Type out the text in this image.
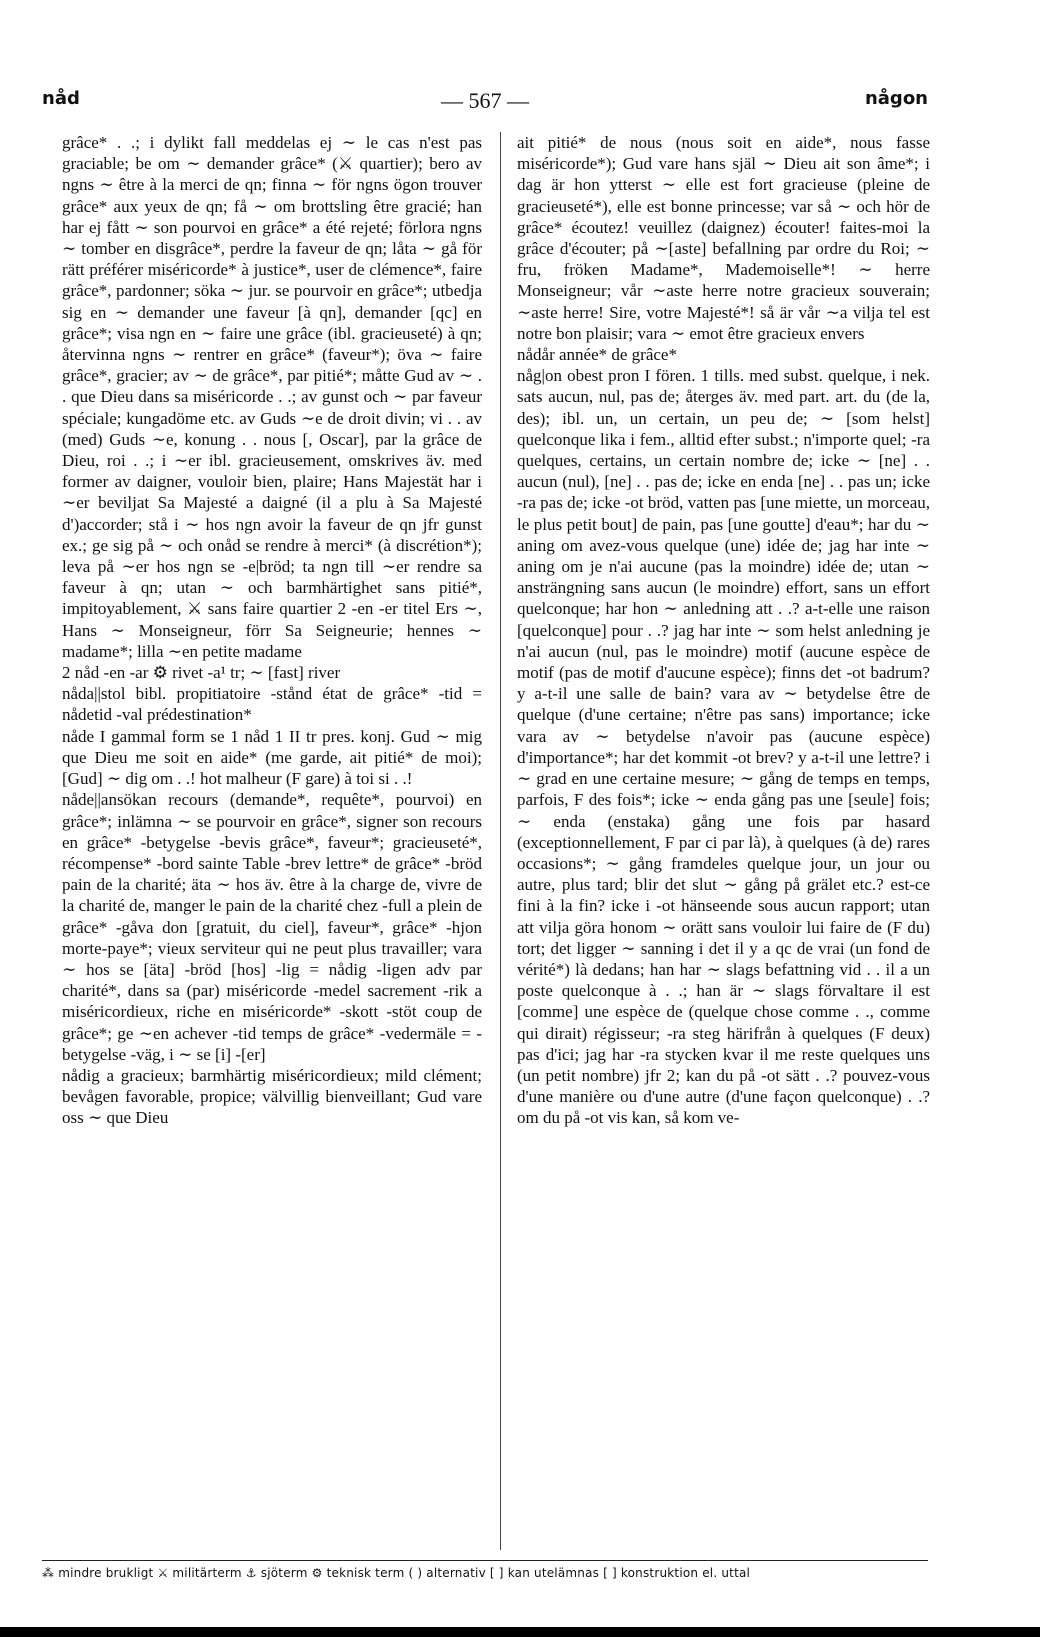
nåd	— 567 —	någon

grâce* . .; i dylikt fall meddelas ej ∼ le cas n'est pas graciable; be om ∼ demander grâce* (⚔ quartier); bero av ngns ∼ être à la merci de qn; finna ∼ för ngns ögon trouver grâce* aux yeux de qn; få ∼ om brottsling être gracié; han har ej fått ∼ son pourvoi en grâce* a été rejeté; förlora ngns ∼ tomber en disgrâce*, perdre la faveur de qn; låta ∼ gå för rätt préférer miséricorde* à justice*, user de clémence*, faire grâce*, pardonner; söka ∼ jur. se pourvoir en grâce*; utbedja sig en ∼ demander une faveur [à qn], demander [qc] en grâce*; visa ngn en ∼ faire une grâce (ibl. gracieuseté) à qn; återvinna ngns ∼ rentrer en grâce* (faveur*); öva ∼ faire grâce*, gracier; av ∼ de grâce*, par pitié*; måtte Gud av ∼ . . que Dieu dans sa miséricorde . .; av gunst och ∼ par faveur spéciale; kungadöme etc. av Guds ∼e de droit divin; vi . . av (med) Guds ∼e, konung . . nous [, Oscar], par la grâce de Dieu, roi . .; i ∼er ibl. gracieusement, omskrives äv. med former av daigner, vouloir bien, plaire; Hans Majestät har i ∼er beviljat Sa Majesté a daigné (il a plu à Sa Majesté d')accorder; stå i ∼ hos ngn avoir la faveur de qn jfr gunst ex.; ge sig på ∼ och onåd se rendre à merci* (à discrétion*); leva på ∼er hos ngn se -e|bröd; ta ngn till ∼er rendre sa faveur à qn; utan ∼ och barmhärtighet sans pitié*, impitoyablement, ⚔ sans faire quartier 2 -en -er titel Ers ∼, Hans ∼ Monseigneur, förr Sa Seigneurie; hennes ∼ madame*; lilla ∼en petite madame

2 nåd -en -ar ⚙ rivet -a¹ tr; ∼ [fast] river

nåda||stol bibl. propitiatoire -stånd état de grâce* -tid = nådetid -val prédestination*

nåde I gammal form se 1 nåd 1 II tr pres. konj. Gud ∼ mig que Dieu me soit en aide* (me garde, ait pitié* de moi); [Gud] ∼ dig om . .! hot malheur (F gare) à toi si . .!

nåde||ansökan recours (demande*, requête*, pourvoi) en grâce*; inlämna ∼ se pourvoir en grâce*, signer son recours en grâce* -betygelse -bevis grâce*, faveur*; gracieuseté*, récompense* -bord sainte Table -brev lettre* de grâce* -bröd pain de la charité; äta ∼ hos äv. être à la charge de, vivre de la charité de, manger le pain de la charité chez -full a plein de grâce* -gåva don [gratuit, du ciel], faveur*, grâce* -hjon morte-paye*; vieux serviteur qui ne peut plus travailler; vara ∼ hos se [äta] -bröd [hos] -lig = nådig -ligen adv par charité*, dans sa (par) miséricorde -medel sacrement -rik a miséricordieux, riche en miséricorde* -skott -stöt coup de grâce*; ge ∼en achever -tid temps de grâce* -vedermäle = -betygelse -väg, i ∼ se [i] -[er]

nådig a gracieux; barmhärtig miséricordieux; mild clément; bevågen favorable, propice; välvillig bienveillant; Gud vare oss ∼ que Dieu

ait pitié* de nous (nous soit en aide*, nous fasse miséricorde*); Gud vare hans själ ∼ Dieu ait son âme*; i dag är hon ytterst ∼ elle est fort gracieuse (pleine de gracieuseté*), elle est bonne princesse; var så ∼ och hör de grâce* écoutez! veuillez (daignez) écouter! faites-moi la grâce d'écouter; på ∼[aste] befallning par ordre du Roi; ∼ fru, fröken Madame*, Mademoiselle*! ∼ herre Monseigneur; vår ∼aste herre notre gracieux souverain; ∼aste herre! Sire, votre Majesté*! så är vår ∼a vilja tel est notre bon plaisir; vara ∼ emot être gracieux envers

nådår année* de grâce*

någ|on obest pron I fören. 1 tills. med subst. quelque, i nek. sats aucun, nul, pas de; återges äv. med part. art. du (de la, des); ibl. un, un certain, un peu de; ∼ [som helst] quelconque lika i fem., alltid efter subst.; n'importe quel; -ra quelques, certains, un certain nombre de; icke ∼ [ne] . . aucun (nul), [ne] . . pas de; icke en enda [ne] . . pas un; icke -ra pas de; icke -ot bröd, vatten pas [une miette, un morceau, le plus petit bout] de pain, pas [une goutte] d'eau*; har du ∼ aning om avez-vous quelque (une) idée de; jag har inte ∼ aning om je n'ai aucune (pas la moindre) idée de; utan ∼ ansträngning sans aucun (le moindre) effort, sans un effort quelconque; har hon ∼ anledning att . .? a-t-elle une raison [quelconque] pour . .? jag har inte ∼ som helst anledning je n'ai aucun (nul, pas le moindre) motif (aucune espèce de motif (pas de motif d'aucune espèce); finns det -ot badrum? y a-t-il une salle de bain? vara av ∼ betydelse être de quelque (d'une certaine; n'être pas sans) importance; icke vara av ∼ betydelse n'avoir pas (aucune espèce) d'importance*; har det kommit -ot brev? y a-t-il une lettre? i ∼ grad en une certaine mesure; ∼ gång de temps en temps, parfois, F des fois*; icke ∼ enda gång pas une [seule] fois; ∼ enda (enstaka) gång une fois par hasard (exceptionnellement, F par ci par là), à quelques (à de) rares occasions*; ∼ gång framdeles quelque jour, un jour ou autre, plus tard; blir det slut ∼ gång på grälet etc.? est-ce fini à la fin? icke i -ot hänseende sous aucun rapport; utan att vilja göra honom ∼ orätt sans vouloir lui faire de (F du) tort; det ligger ∼ sanning i det il y a qc de vrai (un fond de vérité*) là dedans; han har ∼ slags befattning vid . . il a un poste quelconque à . .; han är ∼ slags förvaltare il est [comme] une espèce de (quelque chose comme . ., comme qui dirait) régisseur; -ra steg härifrån à quelques (F deux) pas d'ici; jag har -ra stycken kvar il me reste quelques uns (un petit nombre) jfr 2; kan du på -ot sätt . .? pouvez-vous d'une manière ou d'une autre (d'une façon quelconque) . .? om du på -ot vis kan, så kom ve-

⁂ mindre brukligt ⚔ militärterm ⚓ sjöterm ⚙ teknisk term ( ) alternativ [ ] kan utelämnas [ ] konstruktion el. uttal
